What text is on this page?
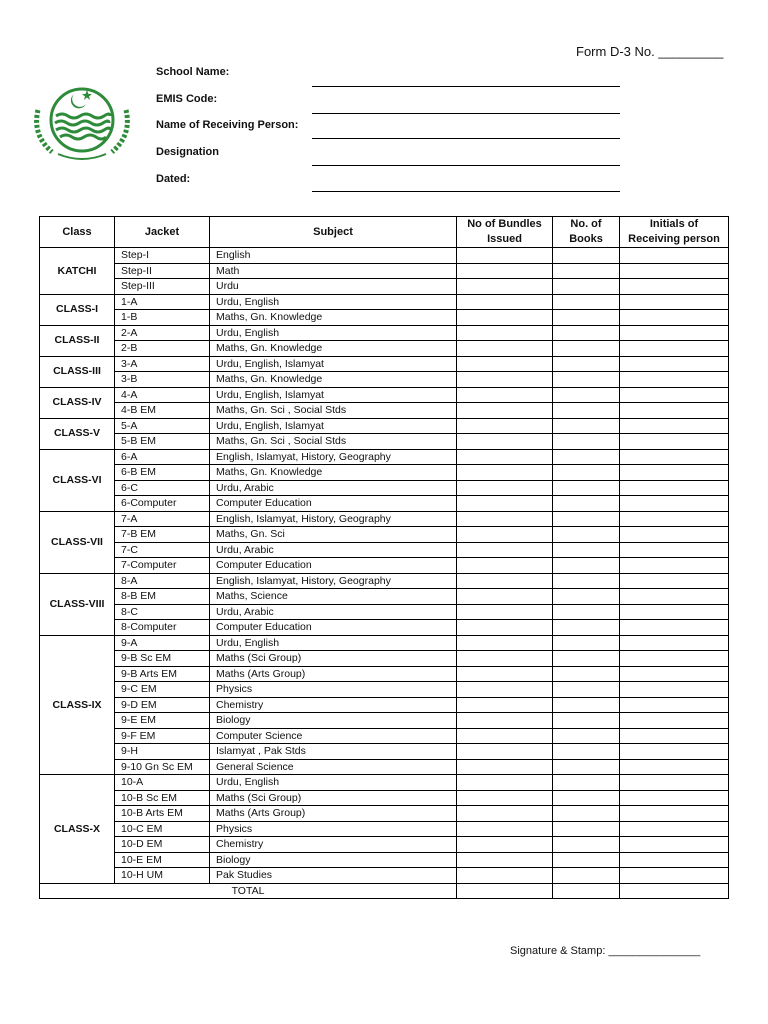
Form D-3 No. _________
School Name:
EMIS Code:
Name of Receiving Person:
Designation
Dated:
Class	Jacket	Subject	No of Bundles Issued	No. of Books	Initials of Receiving person
KATCHI	Step-I	English			
	Step-II	Math			
	Step-III	Urdu			
CLASS-I	1-A	Urdu, English			
	1-B	Maths, Gn. Knowledge			
CLASS-II	2-A	Urdu, English			
	2-B	Maths, Gn. Knowledge			
CLASS-III	3-A	Urdu, English, Islamyat			
	3-B	Maths, Gn. Knowledge			
CLASS-IV	4-A	Urdu, English, Islamyat			
	4-B EM	Maths, Gn. Sci , Social Stds			
CLASS-V	5-A	Urdu, English, Islamyat			
	5-B EM	Maths, Gn. Sci , Social Stds			
CLASS-VI	6-A	English, Islamyat, History, Geography			
	6-B EM	Maths, Gn. Knowledge			
	6-C	Urdu, Arabic			
	6-Computer	Computer Education			
CLASS-VII	7-A	English, Islamyat, History, Geography			
	7-B EM	Maths, Gn. Sci			
	7-C	Urdu, Arabic			
	7-Computer	Computer Education			
CLASS-VIII	8-A	English, Islamyat, History, Geography			
	8-B EM	Maths, Science			
	8-C	Urdu, Arabic			
	8-Computer	Computer Education			
CLASS-IX	9-A	Urdu, English			
	9-B Sc EM	Maths (Sci Group)			
	9-B Arts EM	Maths (Arts Group)			
	9-C EM	Physics			
	9-D EM	Chemistry			
	9-E EM	Biology			
	9-F EM	Computer Science			
	9-H	Islamyat , Pak Stds			
	9-10 Gn Sc EM	General Science			
CLASS-X	10-A	Urdu, English			
	10-B Sc EM	Maths (Sci Group)			
	10-B Arts EM	Maths (Arts Group)			
	10-C EM	Physics			
	10-D EM	Chemistry			
	10-E EM	Biology			
	10-H UM	Pak Studies			
TOTAL					
Signature & Stamp: _______________
